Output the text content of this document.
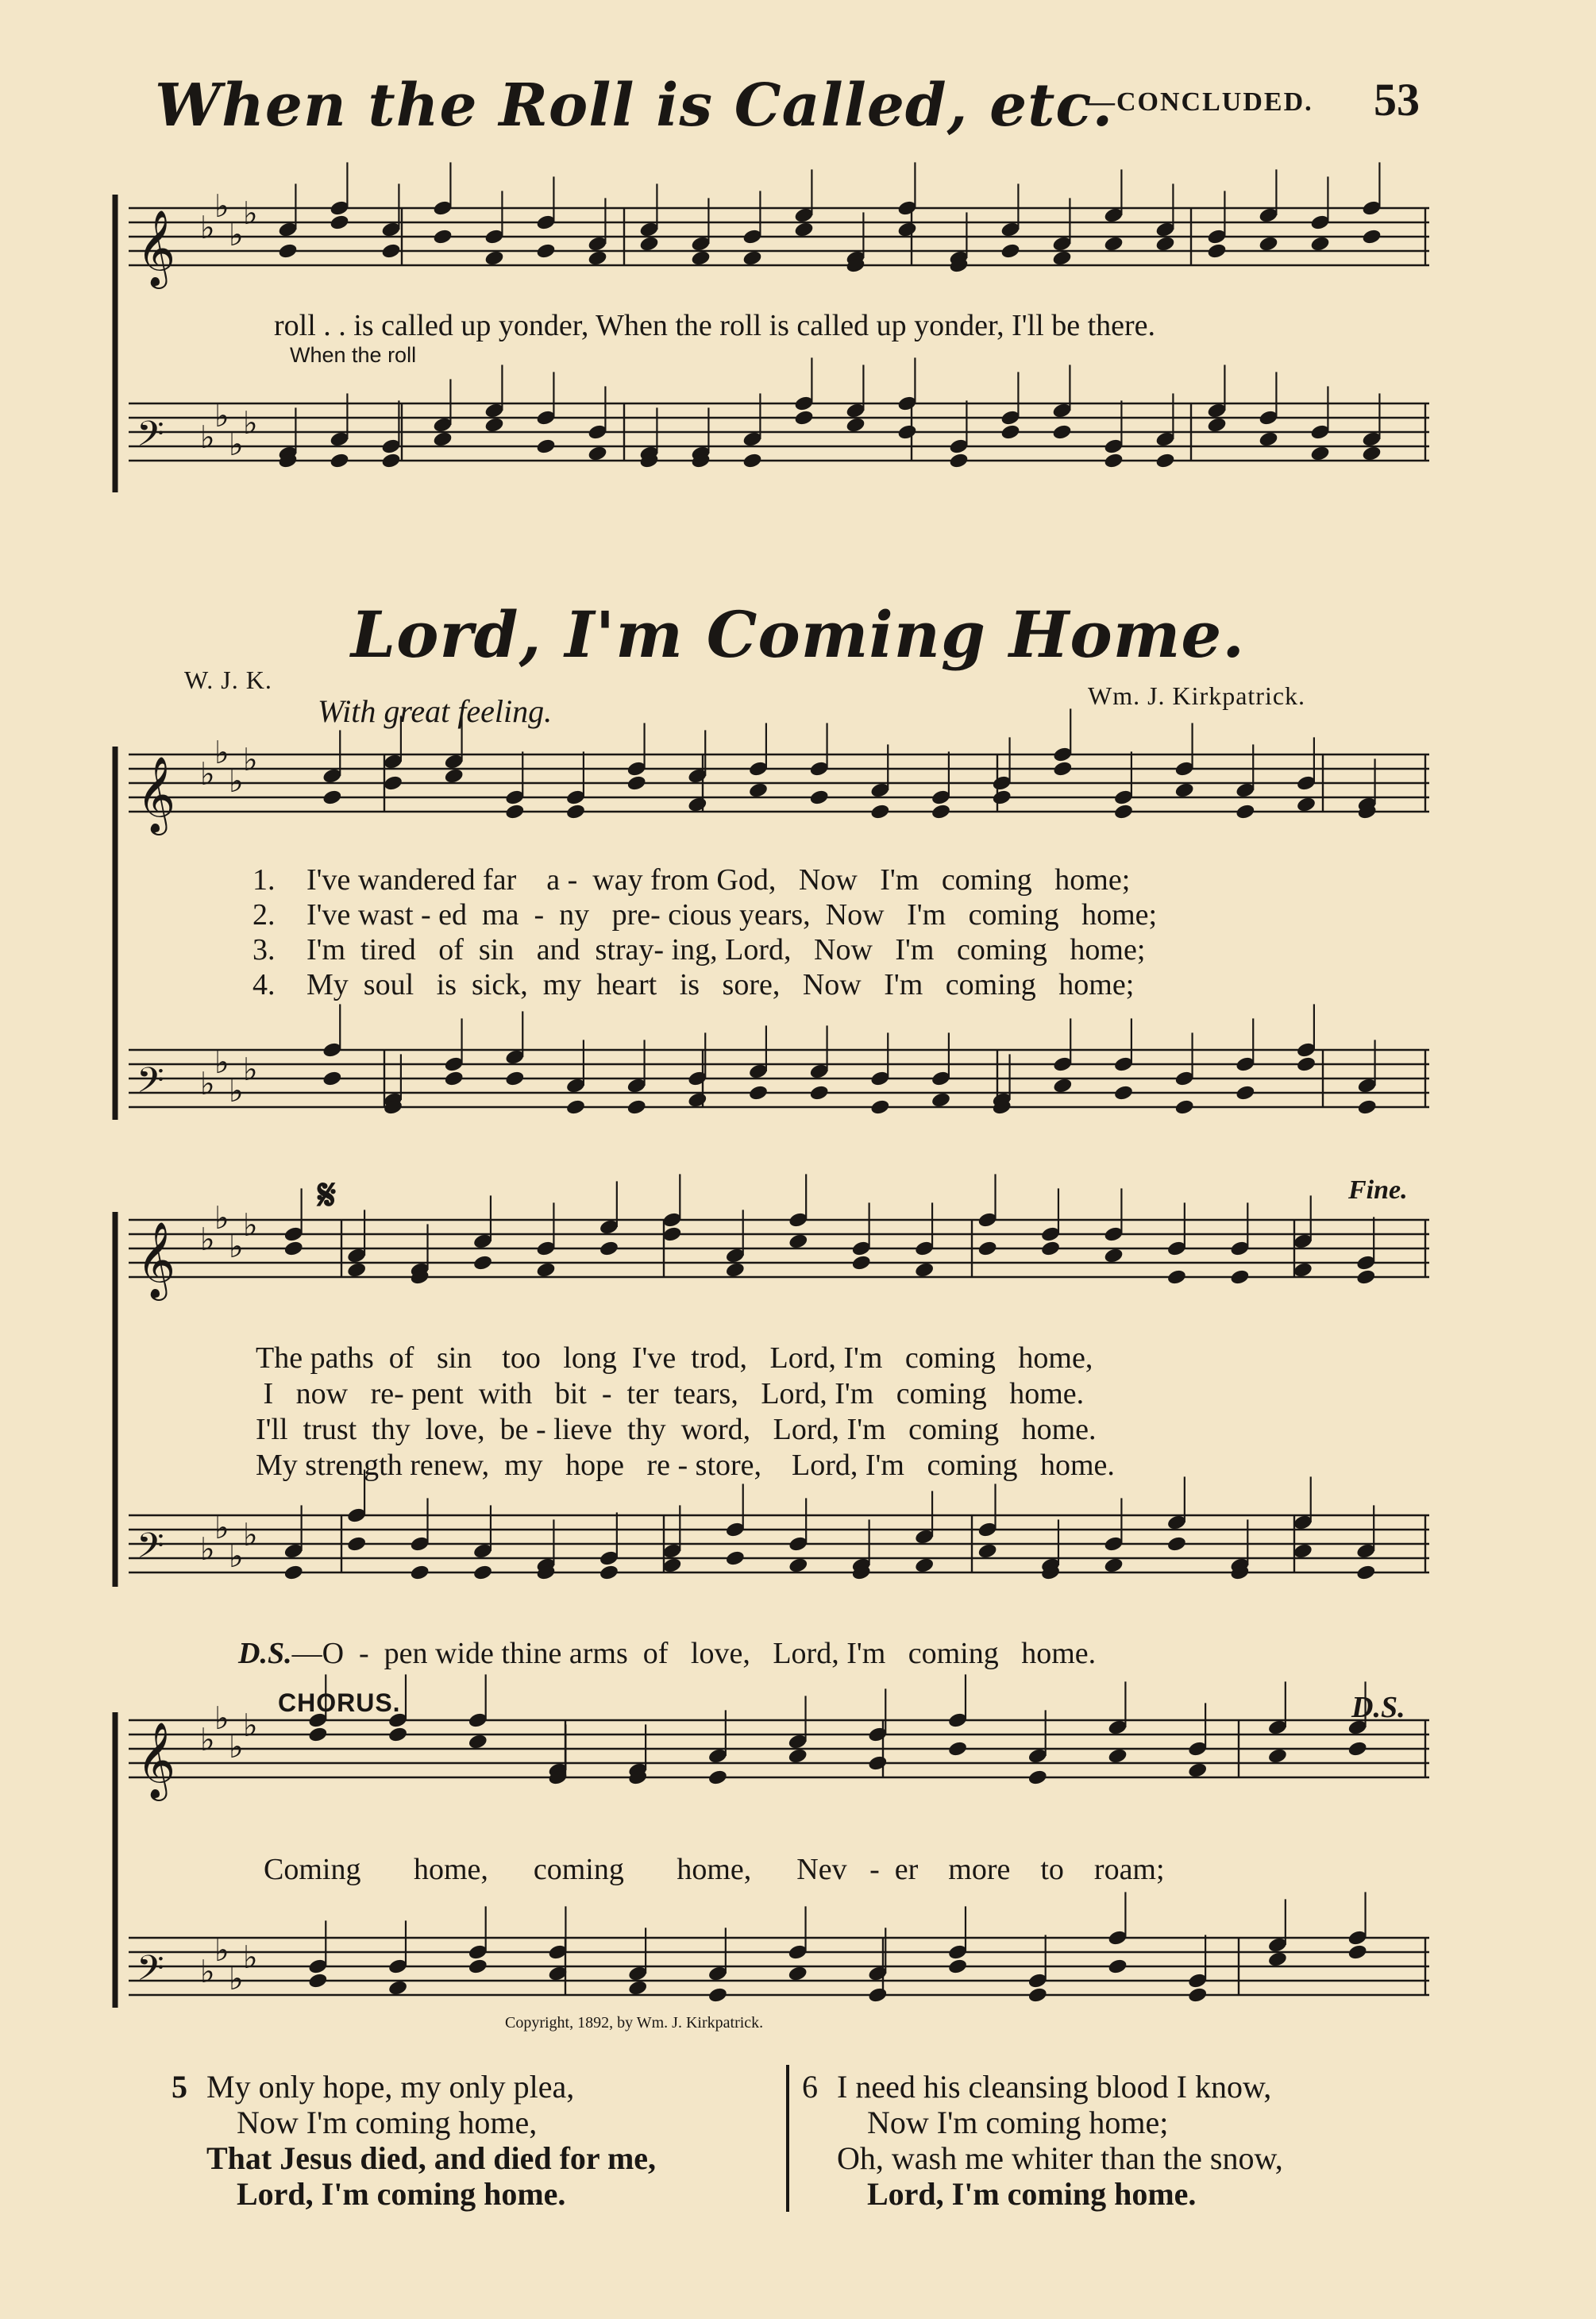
When the Roll is Called, etc.
—CONCLUDED. 53
𝄞 ♭
♭
♭
♭
𝄢 ♭
♭
♭
♭
𝄞 ♭
♭
♭
♭
𝄢 ♭
♭
♭
♭
𝄞 ♭
♭
♭
♭
𝄢 ♭
♭
♭
♭
𝄞 ♭
♭
♭
♭
𝄢 ♭
♭
♭
♭
roll . . is called up yonder, When the roll is called up yonder, I'll be there.
When the roll
Lord, I'm Coming Home.
W. J. K.
With great feeling.	Wm. J. Kirkpatrick.
1.	I've wandered far    a -  way from God,   Now   I'm   coming   home;
2.	I've wast - ed  ma  -  ny   pre- cious years,  Now   I'm   coming   home;
3.	I'm  tired   of  sin   and  stray- ing, Lord,   Now   I'm   coming   home;
4.	My  soul   is  sick,  my  heart   is   sore,   Now   I'm   coming   home;
𝄋	Fine.
The paths  of   sin    too   long  I've  trod,   Lord, I'm   coming   home,
I   now   re- pent  with   bit  -  ter  tears,   Lord, I'm   coming   home.
I'll  trust  thy  love,  be - lieve  thy  word,   Lord, I'm   coming   home.
My strength renew,  my   hope   re - store,    Lord, I'm   coming   home.
D.S. —O  -  pen wide thine arms  of   love,   Lord, I'm   coming   home.
CHORUS.	D.S.
Coming       home,      coming       home,      Nev   -  er    more    to    roam;
Copyright, 1892, by Wm. J. Kirkpatrick.
5 My only hope, my only plea,
Now I'm coming home,
That Jesus died, and died for me,
Lord, I'm coming home.
6 I need his cleansing blood I know,
Now I'm coming home;
Oh, wash me whiter than the snow,
Lord, I'm coming home.
